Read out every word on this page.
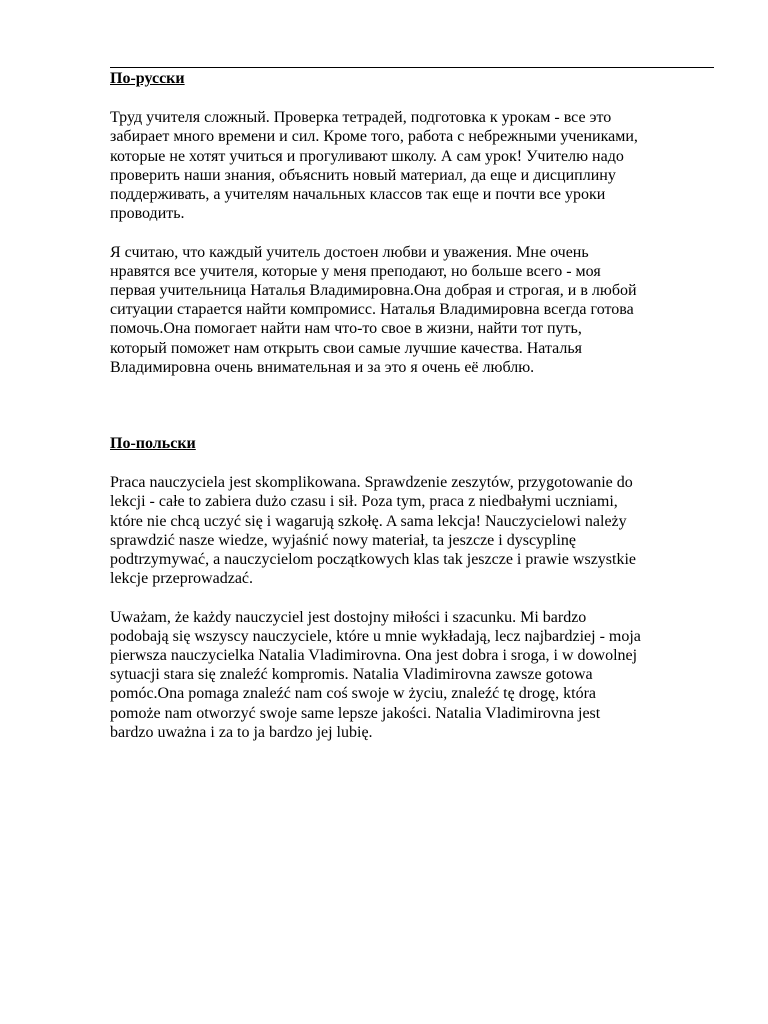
По-русски
Труд учителя сложный. Проверка тетрадей, подготовка к урокам - все это
забирает много времени и сил. Кроме того, работа с небрежными учениками,
которые не хотят учиться и прогуливают школу. А сам урок! Учителю надо
проверить наши знания, объяснить новый материал, да еще и дисциплину
поддерживать, а учителям начальных классов так еще и почти все уроки
проводить.
Я считаю, что каждый учитель достоен любви и уважения. Мне очень
нравятся все учителя, которые у меня преподают, но больше всего - моя
первая учительница Наталья Владимировна.Она добрая и строгая, и в любой
ситуации старается найти компромисс. Наталья Владимировна всегда готова
помочь.Она помогает найти нам что-то свое в жизни, найти тот путь,
который поможет нам открыть свои самые лучшие качества. Наталья
Владимировна очень внимательная и за это я очень её люблю.
По-польски
Praca nauczyciela jest skomplikowana. Sprawdzenie zeszytów, przygotowanie do
lekcji - całe to zabiera dużo czasu i sił. Poza tym, praca z niedbałymi uczniami,
które nie chcą uczyć się i wagarują szkołę. A sama lekcja! Nauczycielowi należy
sprawdzić nasze wiedze, wyjaśnić nowy materiał, ta jeszcze i dyscyplinę
podtrzymywać, a nauczycielom początkowych klas tak jeszcze i prawie wszystkie
lekcje przeprowadzać.
Uważam, że każdy nauczyciel jest dostojny miłości i szacunku. Mi bardzo
podobają się wszyscy nauczyciele, które u mnie wykładają, lecz najbardziej - moja
pierwsza nauczycielka Natalia Vladimirovna. Ona jest dobra i sroga, i w dowolnej
sytuacji stara się znaleźć kompromis. Natalia Vladimirovna zawsze gotowa
pomóc.Ona pomaga znaleźć nam coś swoje w życiu, znaleźć tę drogę, która
pomoże nam otworzyć swoje same lepsze jakości. Natalia Vladimirovna jest
bardzo uważna i za to ja bardzo jej lubię.
